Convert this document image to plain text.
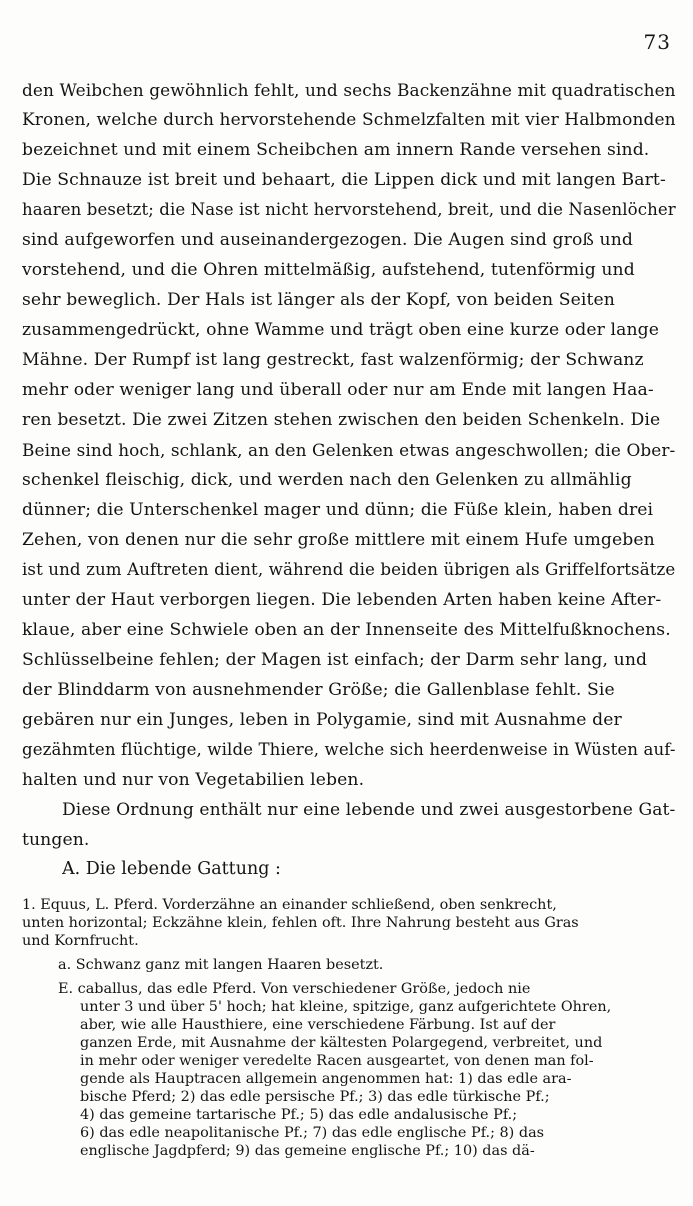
73
den Weibchen gewöhnlich fehlt, und sechs Backenzähne mit quadratischen
Kronen, welche durch hervorstehende Schmelzfalten mit vier Halbmonden
bezeichnet und mit einem Scheibchen am innern Rande versehen sind.
Die Schnauze ist breit und behaart, die Lippen dick und mit langen Bart-
haaren besetzt; die Nase ist nicht hervorstehend, breit, und die Nasenlöcher
sind aufgeworfen und auseinandergezogen. Die Augen sind groß und
vorstehend, und die Ohren mittelmäßig, aufstehend, tutenförmig und
sehr beweglich. Der Hals ist länger als der Kopf, von beiden Seiten
zusammengedrückt, ohne Wamme und trägt oben eine kurze oder lange
Mähne. Der Rumpf ist lang gestreckt, fast walzenförmig; der Schwanz
mehr oder weniger lang und überall oder nur am Ende mit langen Haa-
ren besetzt. Die zwei Zitzen stehen zwischen den beiden Schenkeln. Die
Beine sind hoch, schlank, an den Gelenken etwas angeschwollen; die Ober-
schenkel fleischig, dick, und werden nach den Gelenken zu allmählig
dünner; die Unterschenkel mager und dünn; die Füße klein, haben drei
Zehen, von denen nur die sehr große mittlere mit einem Hufe umgeben
ist und zum Auftreten dient, während die beiden übrigen als Griffelfortsätze
unter der Haut verborgen liegen. Die lebenden Arten haben keine After-
klaue, aber eine Schwiele oben an der Innenseite des Mittelfußknochens.
Schlüsselbeine fehlen; der Magen ist einfach; der Darm sehr lang, und
der Blinddarm von ausnehmender Größe; die Gallenblase fehlt. Sie
gebären nur ein Junges, leben in Polygamie, sind mit Ausnahme der
gezähmten flüchtige, wilde Thiere, welche sich heerdenweise in Wüsten auf-
halten und nur von Vegetabilien leben.
Diese Ordnung enthält nur eine lebende und zwei ausgestorbene Gat-
tungen.
A. Die lebende Gattung :
1. Equus, L. Pferd. Vorderzähne an einander schließend, oben senkrecht,
unten horizontal; Eckzähne klein, fehlen oft. Ihre Nahrung besteht aus Gras
und Kornfrucht.
a. Schwanz ganz mit langen Haaren besetzt.
E. caballus, das edle Pferd. Von verschiedener Größe, jedoch nie
unter 3 und über 5' hoch; hat kleine, spitzige, ganz aufgerichtete Ohren,
aber, wie alle Hausthiere, eine verschiedene Färbung. Ist auf der
ganzen Erde, mit Ausnahme der kältesten Polargegend, verbreitet, und
in mehr oder weniger veredelte Racen ausgeartet, von denen man fol-
gende als Hauptracen allgemein angenommen hat: 1) das edle ara-
bische Pferd; 2) das edle persische Pf.; 3) das edle türkische Pf.;
4) das gemeine tartarische Pf.; 5) das edle andalusische Pf.;
6) das edle neapolitanische Pf.; 7) das edle englische Pf.; 8) das
englische Jagdpferd; 9) das gemeine englische Pf.; 10) das dä-
